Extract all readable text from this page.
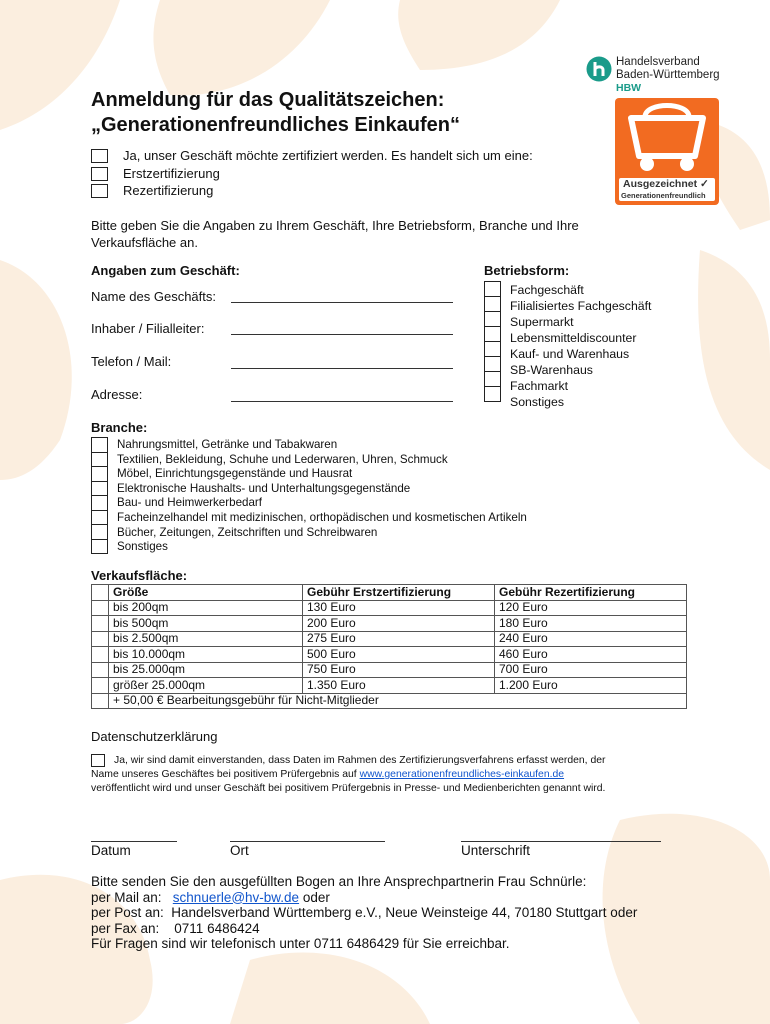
Handelsverband
Baden-Württemberg
HBW
Ausgezeichnet ✓
Generationenfreundlich
Anmeldung für das Qualitätszeichen:
„Generationenfreundliches Einkaufen“
Ja, unser Geschäft möchte zertifiziert werden. Es handelt sich um eine:
Erstzertifizierung
Rezertifizierung
Bitte geben Sie die Angaben zu Ihrem Geschäft, Ihre Betriebsform, Branche und Ihre Verkaufsfläche an.
Angaben zum Geschäft:
Name des Geschäfts:
Inhaber / Filialleiter:
Telefon / Mail:
Adresse:
Betriebsform:
Fachgeschäft
Filialisiertes Fachgeschäft
Supermarkt
Lebensmitteldiscounter
Kauf- und Warenhaus
SB-Warenhaus
Fachmarkt
Sonstiges
Branche:
Nahrungsmittel, Getränke und Tabakwaren
Textilien, Bekleidung, Schuhe und Lederwaren, Uhren, Schmuck
Möbel, Einrichtungsgegenstände und Hausrat
Elektronische Haushalts- und Unterhaltungsgegenstände
Bau- und Heimwerkerbedarf
Facheinzelhandel mit medizinischen, orthopädischen und kosmetischen Artikeln
Bücher, Zeitungen, Zeitschriften und Schreibwaren
Sonstiges
Verkaufsfläche:
	Größe	Gebühr Erstzertifizierung	Gebühr Rezertifizierung
	bis 200qm	130 Euro	120 Euro
	bis 500qm	200 Euro	180 Euro
	bis 2.500qm	275 Euro	240 Euro
	bis 10.000qm	500 Euro	460 Euro
	bis 25.000qm	750 Euro	700 Euro
	größer 25.000qm	1.350 Euro	1.200 Euro
	+ 50,00 € Bearbeitungsgebühr für Nicht-Mitglieder		
Datenschutzerklärung
Ja, wir sind damit einverstanden, dass Daten im Rahmen des Zertifizierungsverfahrens erfasst werden, der
Name unseres Geschäftes bei positivem Prüfergebnis auf www.generationenfreundliches-einkaufen.de
veröffentlicht wird und unser Geschäft bei positivem Prüfergebnis in Presse- und Medienberichten genannt wird.
Datum	Ort	Unterschrift
Bitte senden Sie den ausgefüllten Bogen an Ihre Ansprechpartnerin Frau Schnürle:
per Mail an:   schnuerle@hv-bw.de oder
per Post an:  Handelsverband Württemberg e.V., Neue Weinsteige 44, 70180 Stuttgart oder
per Fax an:    0711 6486424
Für Fragen sind wir telefonisch unter 0711 6486429 für Sie erreichbar.
